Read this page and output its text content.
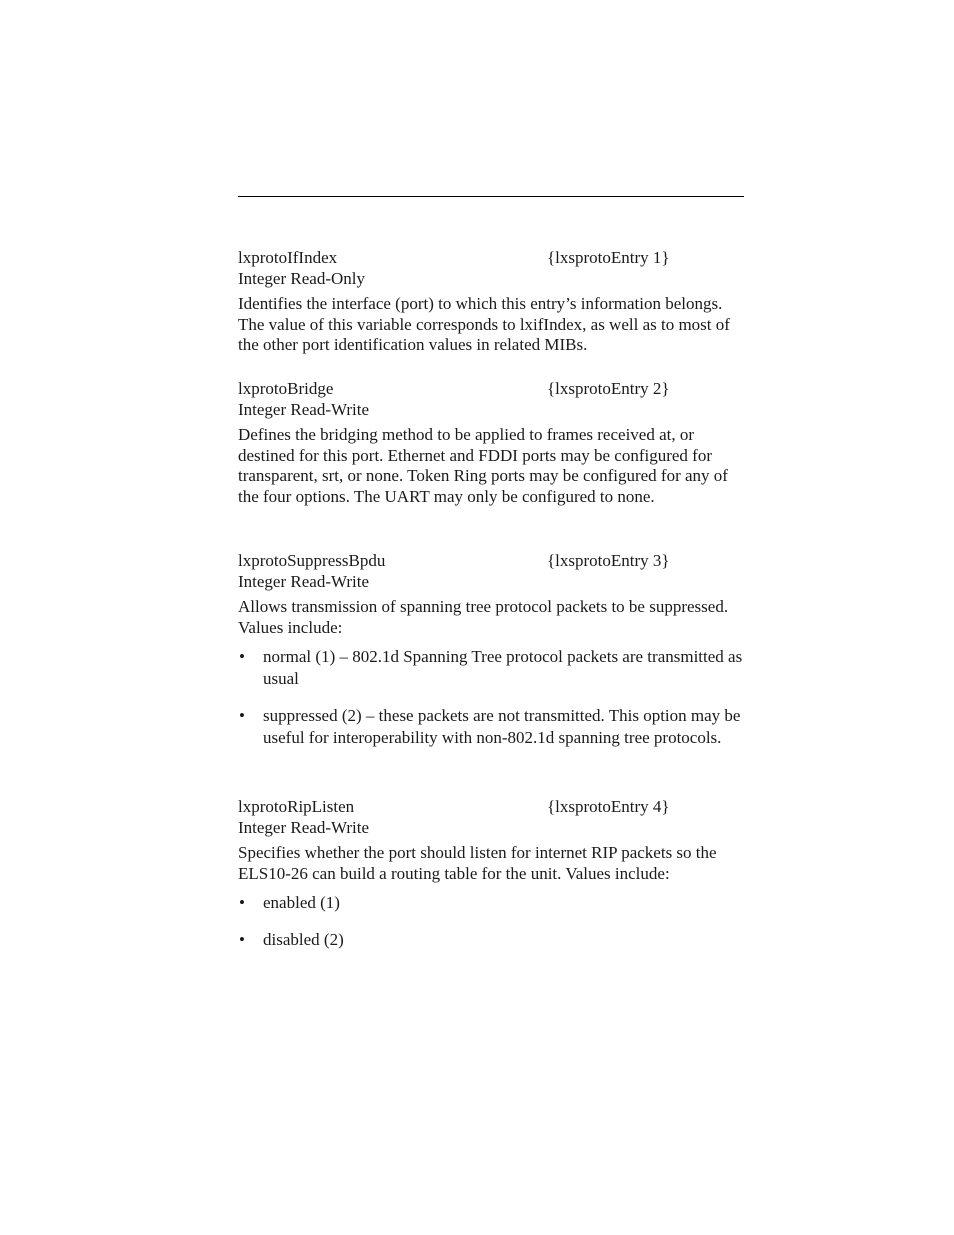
lxprotoIfIndex	{lxsprotoEntry 1}
Integer Read-Only
Identifies the interface (port) to which this entry’s information belongs. The value of this variable corresponds to lxifIndex, as well as to most of the other port identification values in related MIBs.
lxprotoBridge	{lxsprotoEntry 2}
Integer Read-Write
Defines the bridging method to be applied to frames received at, or destined for this port. Ethernet and FDDI ports may be configured for transparent, srt, or none. Token Ring ports may be configured for any of the four options. The UART may only be configured to none.
lxprotoSuppressBpdu	{lxsprotoEntry 3}
Integer Read-Write
Allows transmission of spanning tree protocol packets to be suppressed. Values include:
• normal (1) – 802.1d Spanning Tree protocol packets are transmitted as usual
• suppressed (2) – these packets are not transmitted. This option may be useful for interoperability with non-802.1d spanning tree protocols.
lxprotoRipListen	{lxsprotoEntry 4}
Integer Read-Write
Specifies whether the port should listen for internet RIP packets so the ELS10-26 can build a routing table for the unit. Values include:
• enabled (1)
• disabled (2)
